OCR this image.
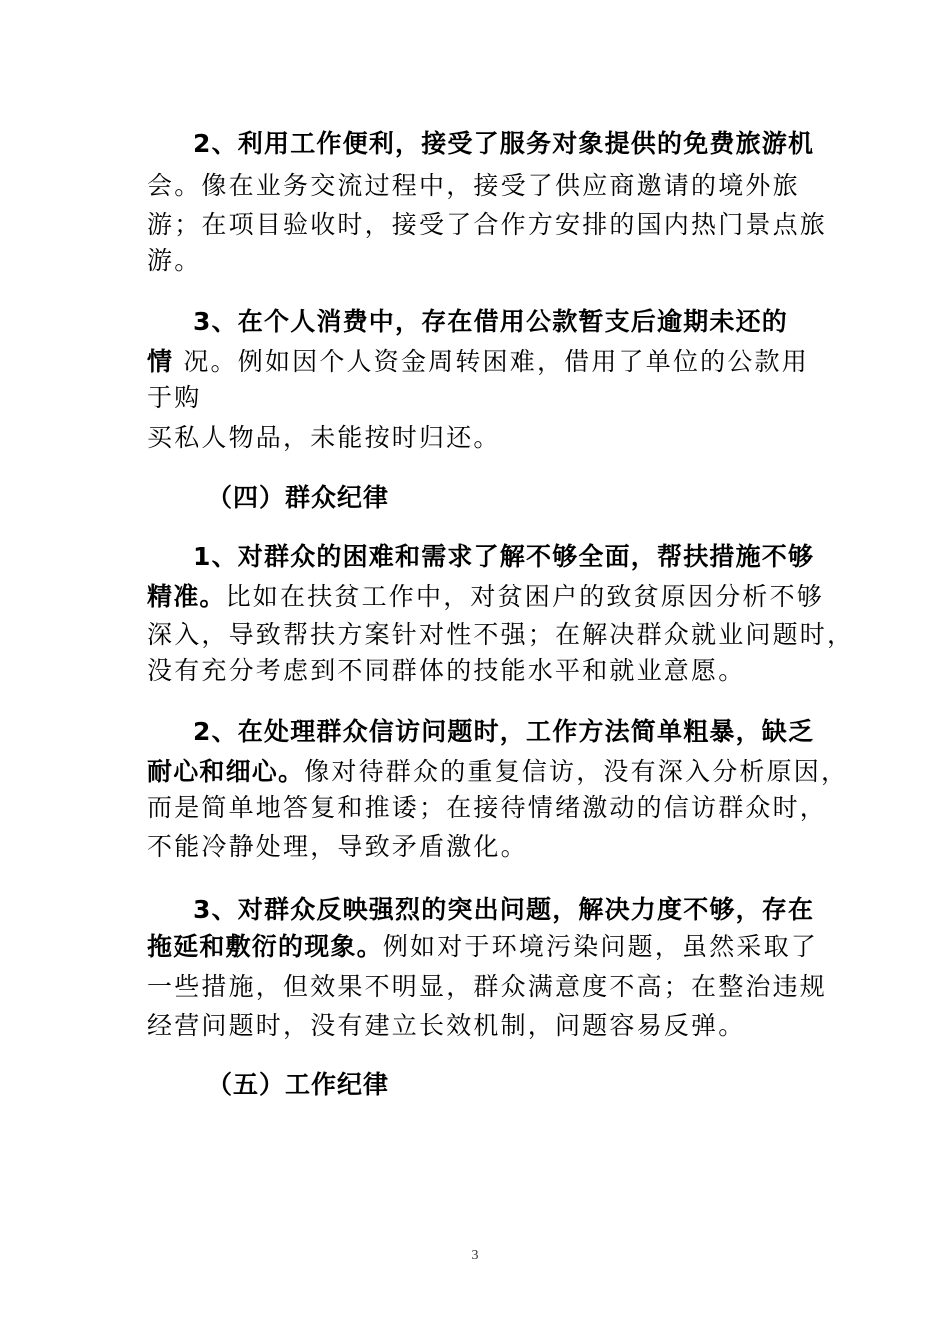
2、利用工作便利，接受了服务对象提供的免费旅游机
会。像在业务交流过程中，接受了供应商邀请的境外旅
游；在项目验收时，接受了合作方安排的国内热门景点旅
游。
3、在个人消费中，存在借用公款暂支后逾期未还的
情 况。例如因个人资金周转困难，借用了单位的公款用
于购
买私人物品，未能按时归还。
（四）群众纪律
1、对群众的困难和需求了解不够全面，帮扶措施不够
精准。比如在扶贫工作中，对贫困户的致贫原因分析不够
深入，导致帮扶方案针对性不强；在解决群众就业问题时，
没有充分考虑到不同群体的技能水平和就业意愿。
2、在处理群众信访问题时，工作方法简单粗暴，缺乏
耐心和细心。像对待群众的重复信访，没有深入分析原因，
而是简单地答复和推诿；在接待情绪激动的信访群众时，
不能冷静处理，导致矛盾激化。
3、对群众反映强烈的突出问题，解决力度不够，存在
拖延和敷衍的现象。例如对于环境污染问题，虽然采取了
一些措施，但效果不明显，群众满意度不高；在整治违规
经营问题时，没有建立长效机制，问题容易反弹。
（五）工作纪律
3
